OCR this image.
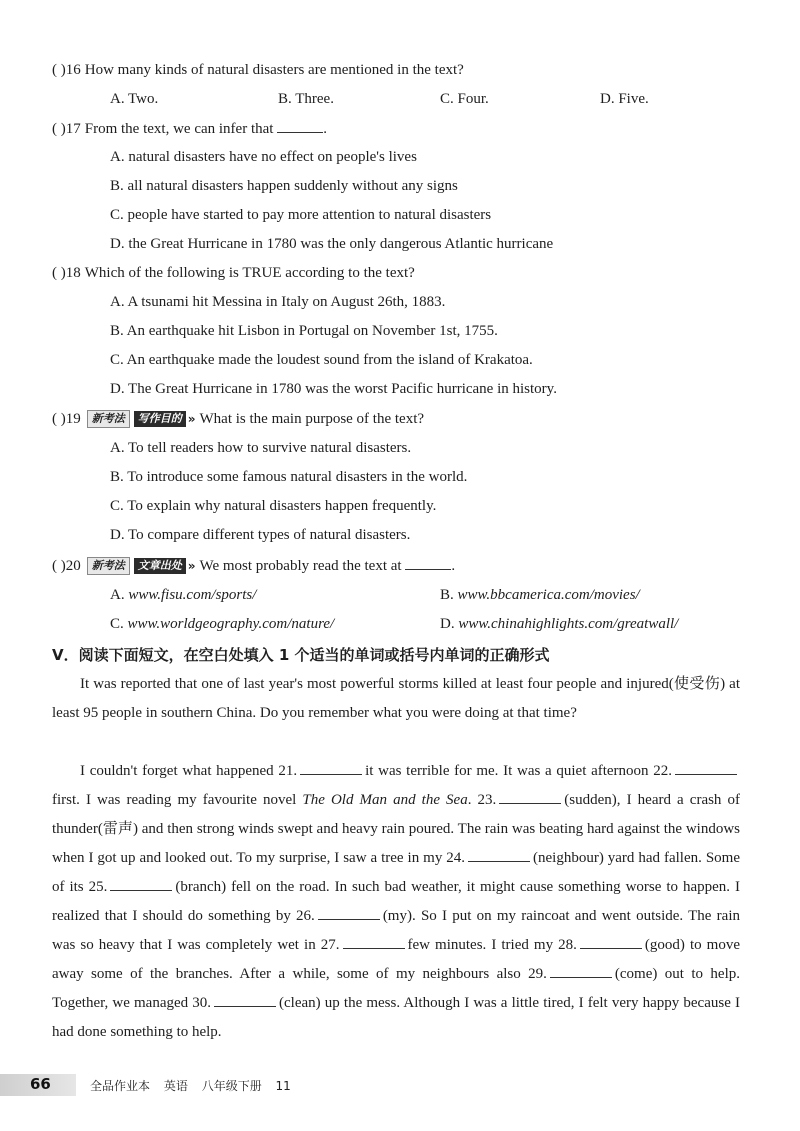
( )16 How many kinds of natural disasters are mentioned in the text?
A. Two.	B. Three.	C. Four.	D. Five.
( )17 From the text, we can infer that	.
A. natural disasters have no effect on people's lives
B. all natural disasters happen suddenly without any signs
C. people have started to pay more attention to natural disasters
D. the Great Hurricane in 1780 was the only dangerous Atlantic hurricane
( )18 Which of the following is TRUE according to the text?
A. A tsunami hit Messina in Italy on August 26th, 1883.
B. An earthquake hit Lisbon in Portugal on November 1st, 1755.
C. An earthquake made the loudest sound from the island of Krakatoa.
D. The Great Hurricane in 1780 was the worst Pacific hurricane in history.
( )19 新考法 写作目的 » What is the main purpose of the text?
A. To tell readers how to survive natural disasters.
B. To introduce some famous natural disasters in the world.
C. To explain why natural disasters happen frequently.
D. To compare different types of natural disasters.
( )20 新考法 文章出处 » We most probably read the text at	.
A. www.fisu.com/sports/	B. www.bbcamerica.com/movies/
C. www.worldgeography.com/nature/	D. www.chinahighlights.com/greatwall/
V．阅读下面短文，在空白处填入 1 个适当的单词或括号内单词的正确形式
It was reported that one of last year's most powerful storms killed at least four people and injured(使受伤) at least 95 people in southern China. Do you remember what you were doing at that time?
I couldn't forget what happened 21.	it was terrible for me. It was a quiet afternoon 22.first. I was reading my favourite novel The Old Man and the Sea. 23.	(sudden), I heard a crash of thunder(雷声) and then strong winds swept and heavy rain poured. The rain was beating hard against the windows when I got up and looked out. To my surprise, I saw a tree in my 24.	(neighbour) yard had fallen. Some of its 25.	(branch) fell on the road. In such bad weather, it might cause something worse to happen. I realized that I should do something by 26.	(my). So I put on my raincoat and went outside. The rain was so heavy that I was completely wet in 27.	few minutes. I tried my 28.	(good) to move away some of the branches. After a while, some of my neighbours also 29.	(come) out to help. Together, we managed 30.	(clean) up the mess. Although I was a little tired, I felt very happy because I had done something to help.
66	全品作业本 英语 八年级下册 11
